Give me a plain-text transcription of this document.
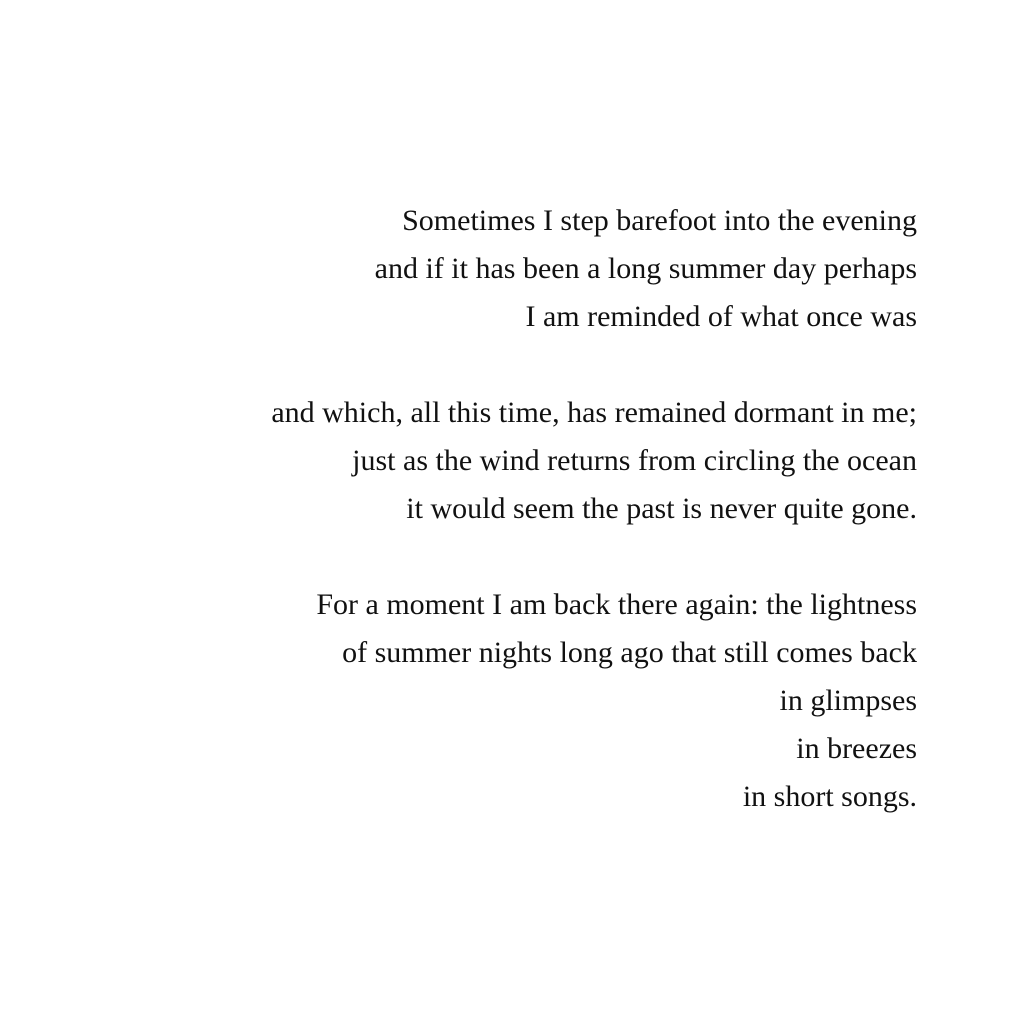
Sometimes I step barefoot into the evening
and if it has been a long summer day perhaps
I am reminded of what once was
and which, all this time, has remained dormant in me;
just as the wind returns from circling the ocean
it would seem the past is never quite gone.
For a moment I am back there again: the lightness
of summer nights long ago that still comes back
in glimpses
in breezes
in short songs.
